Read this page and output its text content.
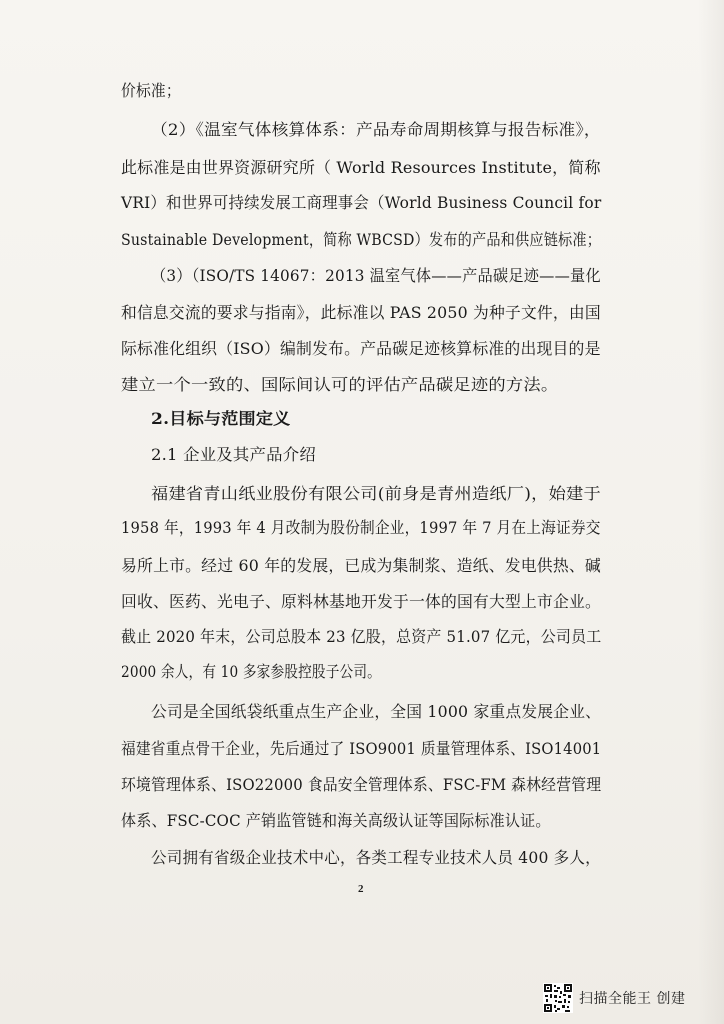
价标准；
（2）《温室气体核算体系：产品寿命周期核算与报告标准》，
此标准是由世界资源研究所（ World Resources Institute，简称
VRI）和世界可持续发展工商理事会（World Business Council for
Sustainable Development，简称 WBCSD）发布的产品和供应链标准；
（3）（ISO/TS 14067：2013 温室气体——产品碳足迹——量化
和信息交流的要求与指南》，此标准以 PAS 2050 为种子文件，由国
际标准化组织（ISO）编制发布。产品碳足迹核算标准的出现目的是
建立一个一致的、国际间认可的评估产品碳足迹的方法。
2.目标与范围定义
2.1 企业及其产品介绍
福建省青山纸业股份有限公司(前身是青州造纸厂)，始建于
1958 年，1993 年 4 月改制为股份制企业，1997 年 7 月在上海证券交
易所上市。经过 60 年的发展，已成为集制浆、造纸、发电供热、碱
回收、医药、光电子、原料林基地开发于一体的国有大型上市企业。
截止 2020 年末，公司总股本 23 亿股，总资产 51.07 亿元，公司员工
2000 余人，有 10 多家参股控股子公司。
公司是全国纸袋纸重点生产企业，全国 1000 家重点发展企业、
福建省重点骨干企业，先后通过了 ISO9001 质量管理体系、ISO14001
环境管理体系、ISO22000 食品安全管理体系、FSC-FM 森林经营管理
体系、FSC-COC 产销监管链和海关高级认证等国际标准认证。
公司拥有省级企业技术中心，各类工程专业技术人员 400 多人，
2
扫描全能王 创建
